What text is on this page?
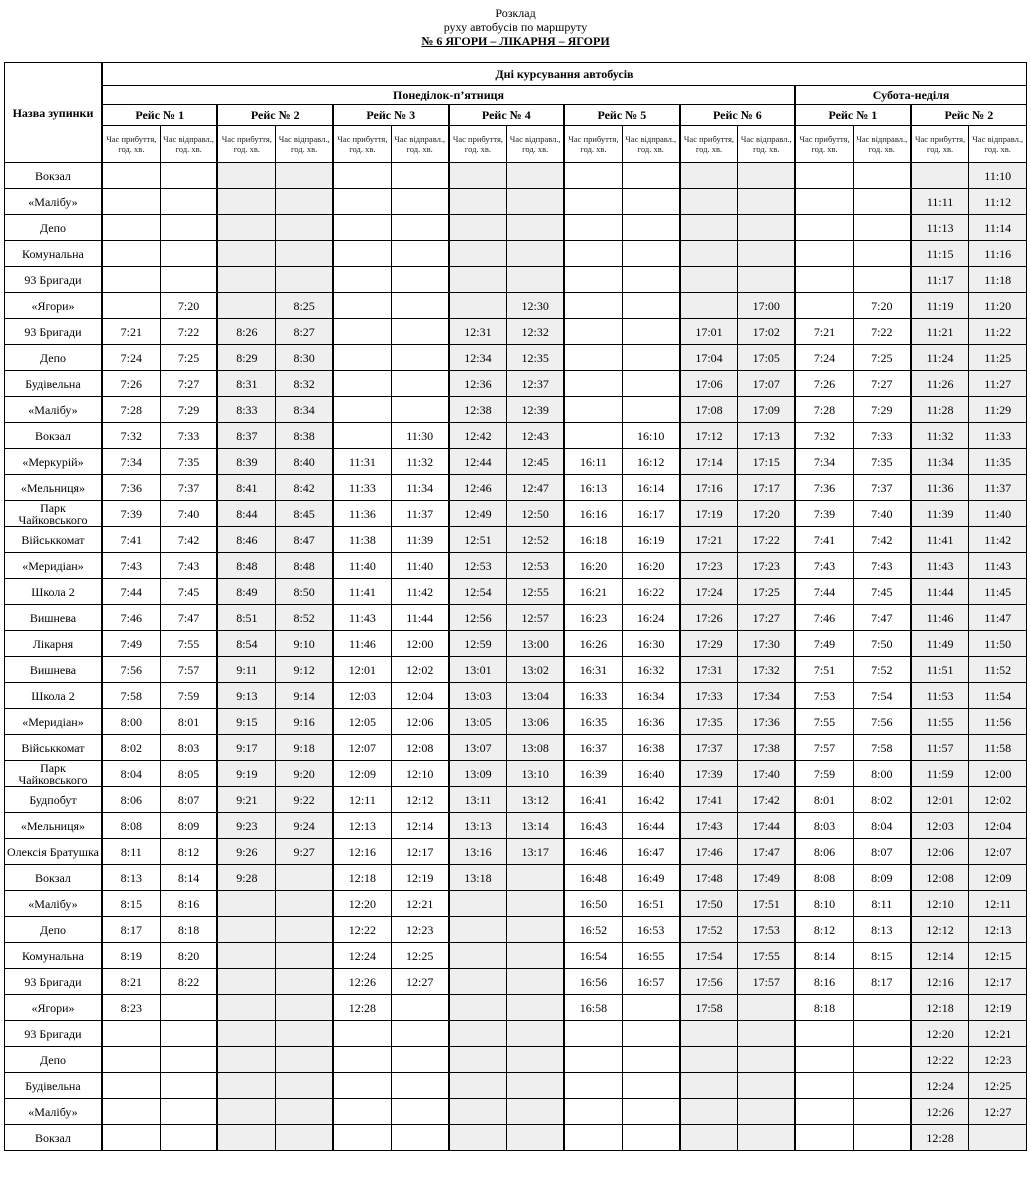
Розклад
руху автобусів по маршруту
№ 6 ЯГОРИ – ЛІКАРНЯ – ЯГОРИ
Назва зупинки	Дні курсування автобусів															
	Понеділок-п’ятниця												Субота-неділя			
	Рейс № 1		Рейс № 2		Рейс № 3		Рейс № 4		Рейс № 5		Рейс № 6		Рейс № 1		Рейс № 2	
	Час прибуття, год. хв.	Час відправл., год. хв.	Час прибуття, год. хв.	Час відправл., год. хв.	Час прибуття, год. хв.	Час відправл., год. хв.	Час прибуття, год. хв.	Час відправл., год. хв.	Час прибуття, год. хв.	Час відправл., год. хв.	Час прибуття, год. хв.	Час відправл., год. хв.	Час прибуття, год. хв.	Час відправл., год. хв.	Час прибуття, год. хв.	Час відправл., год. хв.
Вокзал																11:10
«Малібу»															11:11	11:12
Депо															11:13	11:14
Комунальна															11:15	11:16
93 Бригади															11:17	11:18
«Ягори»		7:20		8:25				12:30				17:00		7:20	11:19	11:20
93 Бригади	7:21	7:22	8:26	8:27			12:31	12:32			17:01	17:02	7:21	7:22	11:21	11:22
Депо	7:24	7:25	8:29	8:30			12:34	12:35			17:04	17:05	7:24	7:25	11:24	11:25
Будівельна	7:26	7:27	8:31	8:32			12:36	12:37			17:06	17:07	7:26	7:27	11:26	11:27
«Малібу»	7:28	7:29	8:33	8:34			12:38	12:39			17:08	17:09	7:28	7:29	11:28	11:29
Вокзал	7:32	7:33	8:37	8:38		11:30	12:42	12:43		16:10	17:12	17:13	7:32	7:33	11:32	11:33
«Меркурій»	7:34	7:35	8:39	8:40	11:31	11:32	12:44	12:45	16:11	16:12	17:14	17:15	7:34	7:35	11:34	11:35
«Мельниця»	7:36	7:37	8:41	8:42	11:33	11:34	12:46	12:47	16:13	16:14	17:16	17:17	7:36	7:37	11:36	11:37
Парк Чайковського	7:39	7:40	8:44	8:45	11:36	11:37	12:49	12:50	16:16	16:17	17:19	17:20	7:39	7:40	11:39	11:40
Військкомат	7:41	7:42	8:46	8:47	11:38	11:39	12:51	12:52	16:18	16:19	17:21	17:22	7:41	7:42	11:41	11:42
«Меридіан»	7:43	7:43	8:48	8:48	11:40	11:40	12:53	12:53	16:20	16:20	17:23	17:23	7:43	7:43	11:43	11:43
Школа 2	7:44	7:45	8:49	8:50	11:41	11:42	12:54	12:55	16:21	16:22	17:24	17:25	7:44	7:45	11:44	11:45
Вишнева	7:46	7:47	8:51	8:52	11:43	11:44	12:56	12:57	16:23	16:24	17:26	17:27	7:46	7:47	11:46	11:47
Лікарня	7:49	7:55	8:54	9:10	11:46	12:00	12:59	13:00	16:26	16:30	17:29	17:30	7:49	7:50	11:49	11:50
Вишнева	7:56	7:57	9:11	9:12	12:01	12:02	13:01	13:02	16:31	16:32	17:31	17:32	7:51	7:52	11:51	11:52
Школа 2	7:58	7:59	9:13	9:14	12:03	12:04	13:03	13:04	16:33	16:34	17:33	17:34	7:53	7:54	11:53	11:54
«Меридіан»	8:00	8:01	9:15	9:16	12:05	12:06	13:05	13:06	16:35	16:36	17:35	17:36	7:55	7:56	11:55	11:56
Військкомат	8:02	8:03	9:17	9:18	12:07	12:08	13:07	13:08	16:37	16:38	17:37	17:38	7:57	7:58	11:57	11:58
Парк Чайковського	8:04	8:05	9:19	9:20	12:09	12:10	13:09	13:10	16:39	16:40	17:39	17:40	7:59	8:00	11:59	12:00
Будпобут	8:06	8:07	9:21	9:22	12:11	12:12	13:11	13:12	16:41	16:42	17:41	17:42	8:01	8:02	12:01	12:02
«Мельниця»	8:08	8:09	9:23	9:24	12:13	12:14	13:13	13:14	16:43	16:44	17:43	17:44	8:03	8:04	12:03	12:04
Олексія Братушка	8:11	8:12	9:26	9:27	12:16	12:17	13:16	13:17	16:46	16:47	17:46	17:47	8:06	8:07	12:06	12:07
Вокзал	8:13	8:14	9:28		12:18	12:19	13:18		16:48	16:49	17:48	17:49	8:08	8:09	12:08	12:09
«Малібу»	8:15	8:16			12:20	12:21			16:50	16:51	17:50	17:51	8:10	8:11	12:10	12:11
Депо	8:17	8:18			12:22	12:23			16:52	16:53	17:52	17:53	8:12	8:13	12:12	12:13
Комунальна	8:19	8:20			12:24	12:25			16:54	16:55	17:54	17:55	8:14	8:15	12:14	12:15
93 Бригади	8:21	8:22			12:26	12:27			16:56	16:57	17:56	17:57	8:16	8:17	12:16	12:17
«Ягори»	8:23				12:28				16:58		17:58		8:18		12:18	12:19
93 Бригади															12:20	12:21
Депо															12:22	12:23
Будівельна															12:24	12:25
«Малібу»															12:26	12:27
Вокзал															12:28	
